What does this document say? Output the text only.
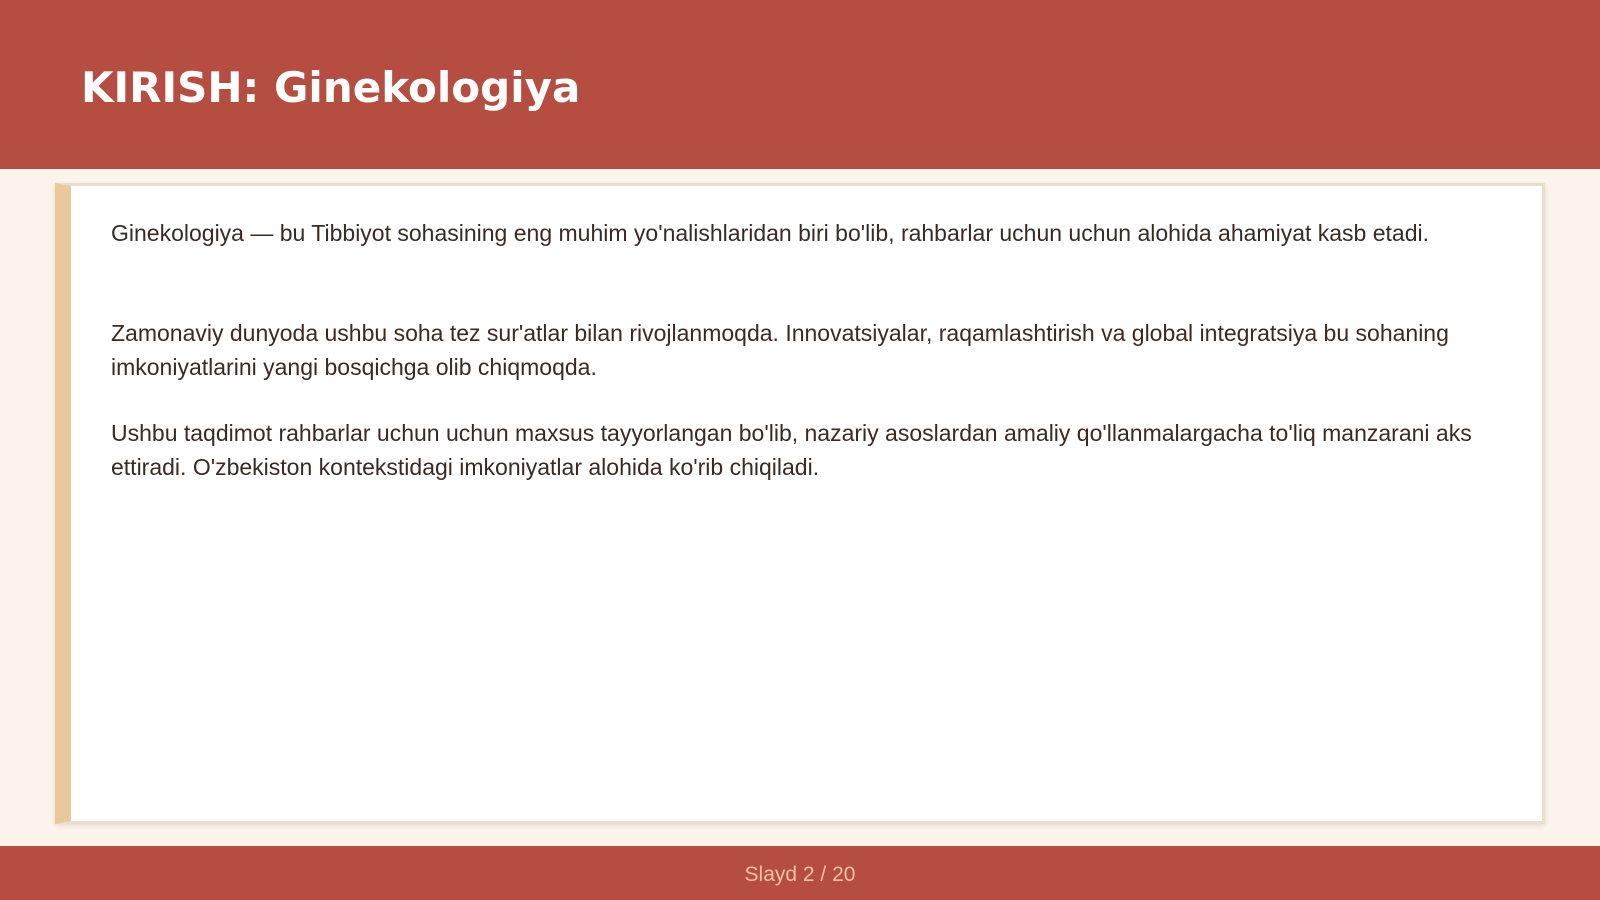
KIRISH: Ginekologiya

Ginekologiya — bu Tibbiyot sohasining eng muhim yo'nalishlaridan biri bo'lib, rahbarlar uchun uchun alohida ahamiyat kasb etadi.

Zamonaviy dunyoda ushbu soha tez sur'atlar bilan rivojlanmoqda. Innovatsiyalar, raqamlashtirish va global integratsiya bu sohaning imkoniyatlarini yangi bosqichga olib chiqmoqda.

Ushbu taqdimot rahbarlar uchun uchun maxsus tayyorlangan bo'lib, nazariy asoslardan amaliy qo'llanmalargacha to'liq manzarani aks ettiradi. O'zbekiston kontekstidagi imkoniyatlar alohida ko'rib chiqiladi.

Slayd 2 / 20
